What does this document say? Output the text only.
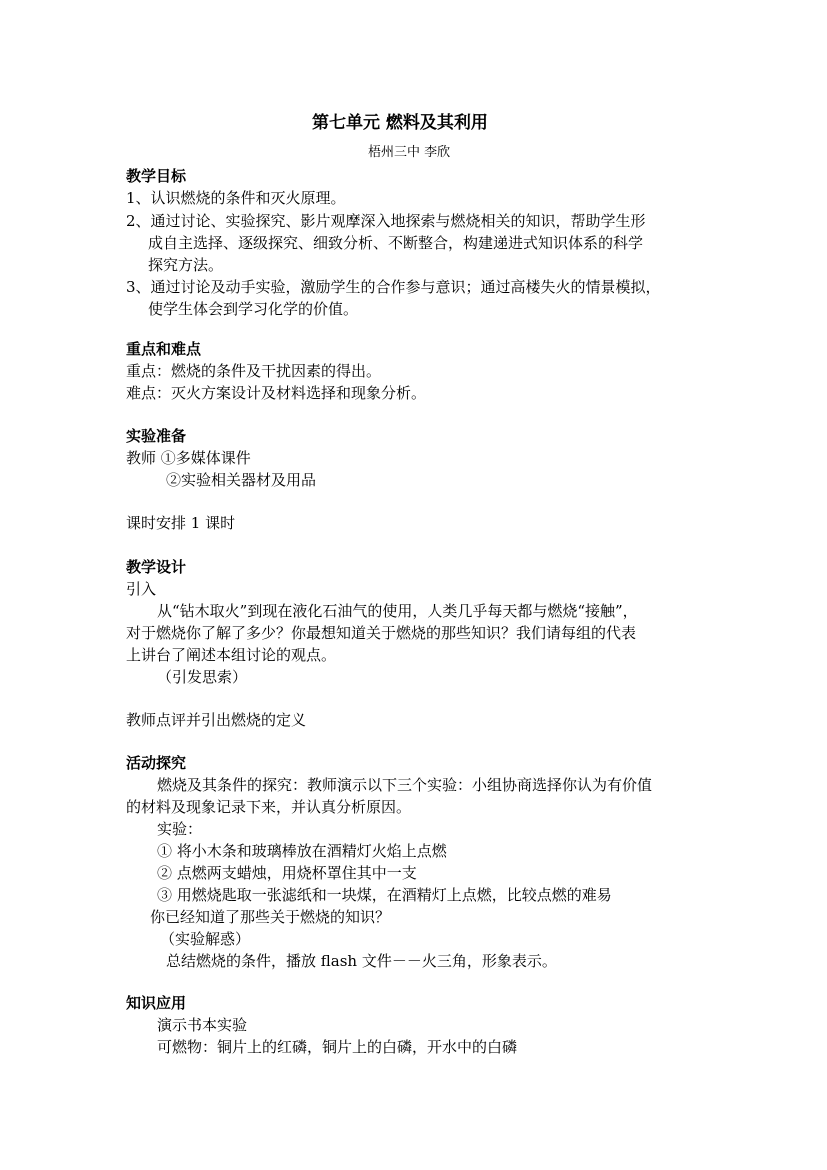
第七单元 燃料及其利用
梧州三中 李欣
教学目标
1、认识燃烧的条件和灭火原理。
2、通过讨论、实验探究、影片观摩深入地探索与燃烧相关的知识，帮助学生形
成自主选择、逐级探究、细致分析、不断整合，构建递进式知识体系的科学
探究方法。
3、通过讨论及动手实验，激励学生的合作参与意识；通过高楼失火的情景模拟，
使学生体会到学习化学的价值。
重点和难点
重点：燃烧的条件及干扰因素的得出。
难点：灭火方案设计及材料选择和现象分析。
实验准备
教师 ①多媒体课件
②实验相关器材及用品
课时安排 1 课时
教学设计
引入
从“钻木取火”到现在液化石油气的使用，人类几乎每天都与燃烧“接触”，
对于燃烧你了解了多少？你最想知道关于燃烧的那些知识？我们请每组的代表
上讲台了阐述本组讨论的观点。
（引发思索）
教师点评并引出燃烧的定义
活动探究
燃烧及其条件的探究：教师演示以下三个实验：小组协商选择你认为有价值
的材料及现象记录下来，并认真分析原因。
实验：
① 将小木条和玻璃棒放在酒精灯火焰上点燃
② 点燃两支蜡烛，用烧杯罩住其中一支
③ 用燃烧匙取一张滤纸和一块煤，在酒精灯上点燃，比较点燃的难易
你已经知道了那些关于燃烧的知识？
（实验解惑）
总结燃烧的条件，播放 flash 文件－－火三角，形象表示。
知识应用
演示书本实验
可燃物：铜片上的红磷，铜片上的白磷，开水中的白磷
